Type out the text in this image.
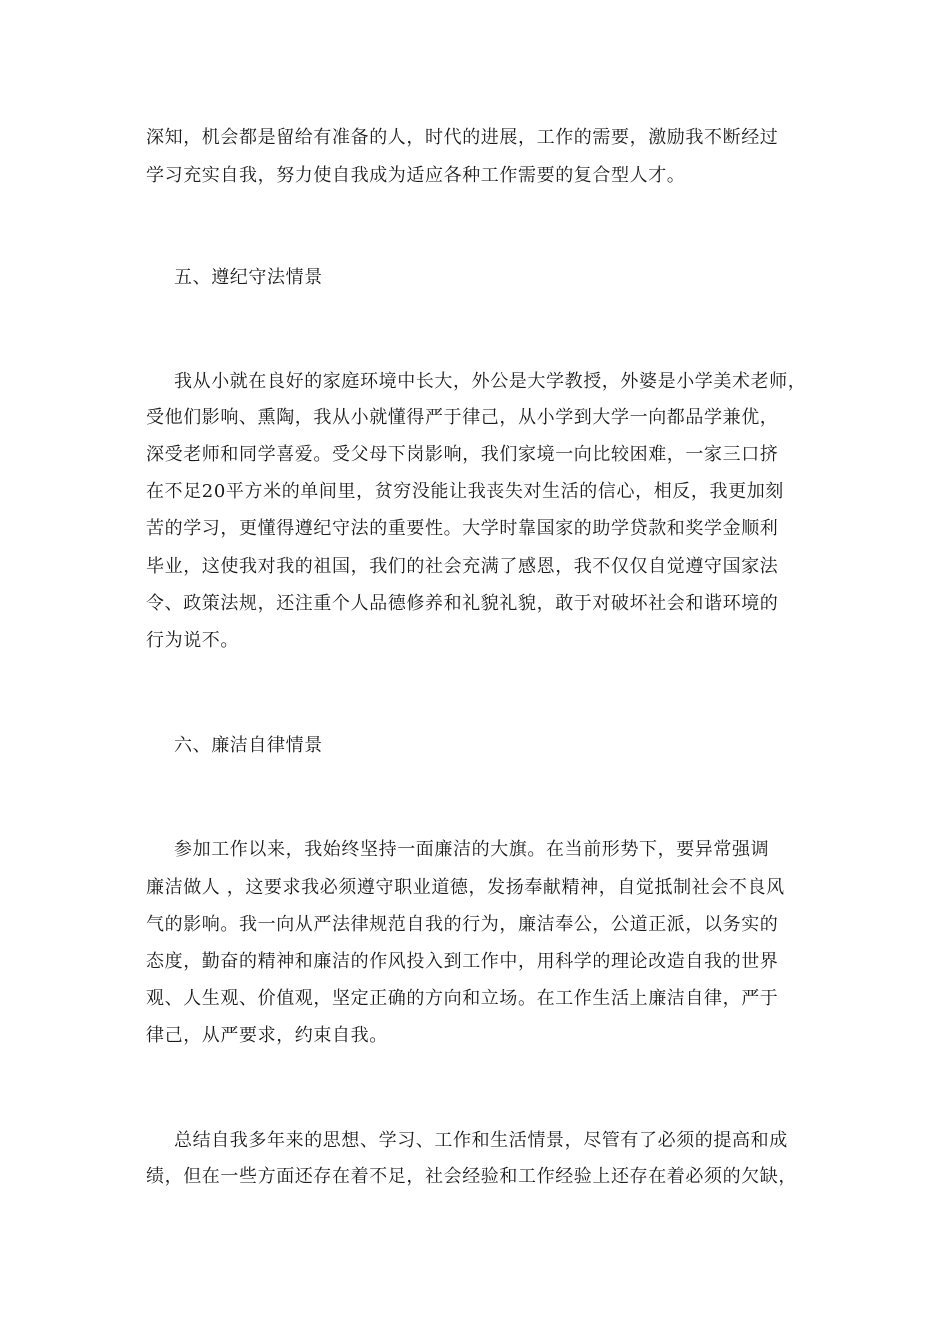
深知，机会都是留给有准备的人，时代的进展，工作的需要，激励我不断经过
学习充实自我，努力使自我成为适应各种工作需要的复合型人才。
五、遵纪守法情景
我从小就在良好的家庭环境中长大，外公是大学教授，外婆是小学美术老师，
受他们影响、熏陶，我从小就懂得严于律己，从小学到大学一向都品学兼优，
深受老师和同学喜爱。受父母下岗影响，我们家境一向比较困难，一家三口挤
在不足20平方米的单间里，贫穷没能让我丧失对生活的信心，相反，我更加刻
苦的学习，更懂得遵纪守法的重要性。大学时靠国家的助学贷款和奖学金顺利
毕业，这使我对我的祖国，我们的社会充满了感恩，我不仅仅自觉遵守国家法
令、政策法规，还注重个人品德修养和礼貌礼貌，敢于对破坏社会和谐环境的
行为说不。
六、廉洁自律情景
参加工作以来，我始终坚持一面廉洁的大旗。在当前形势下，要异常强调
廉洁做人 ，这要求我必须遵守职业道德，发扬奉献精神，自觉抵制社会不良风
气的影响。我一向从严法律规范自我的行为，廉洁奉公，公道正派，以务实的
态度，勤奋的精神和廉洁的作风投入到工作中，用科学的理论改造自我的世界
观、人生观、价值观，坚定正确的方向和立场。在工作生活上廉洁自律，严于
律己，从严要求，约束自我。
总结自我多年来的思想、学习、工作和生活情景，尽管有了必须的提高和成
绩，但在一些方面还存在着不足，社会经验和工作经验上还存在着必须的欠缺，
